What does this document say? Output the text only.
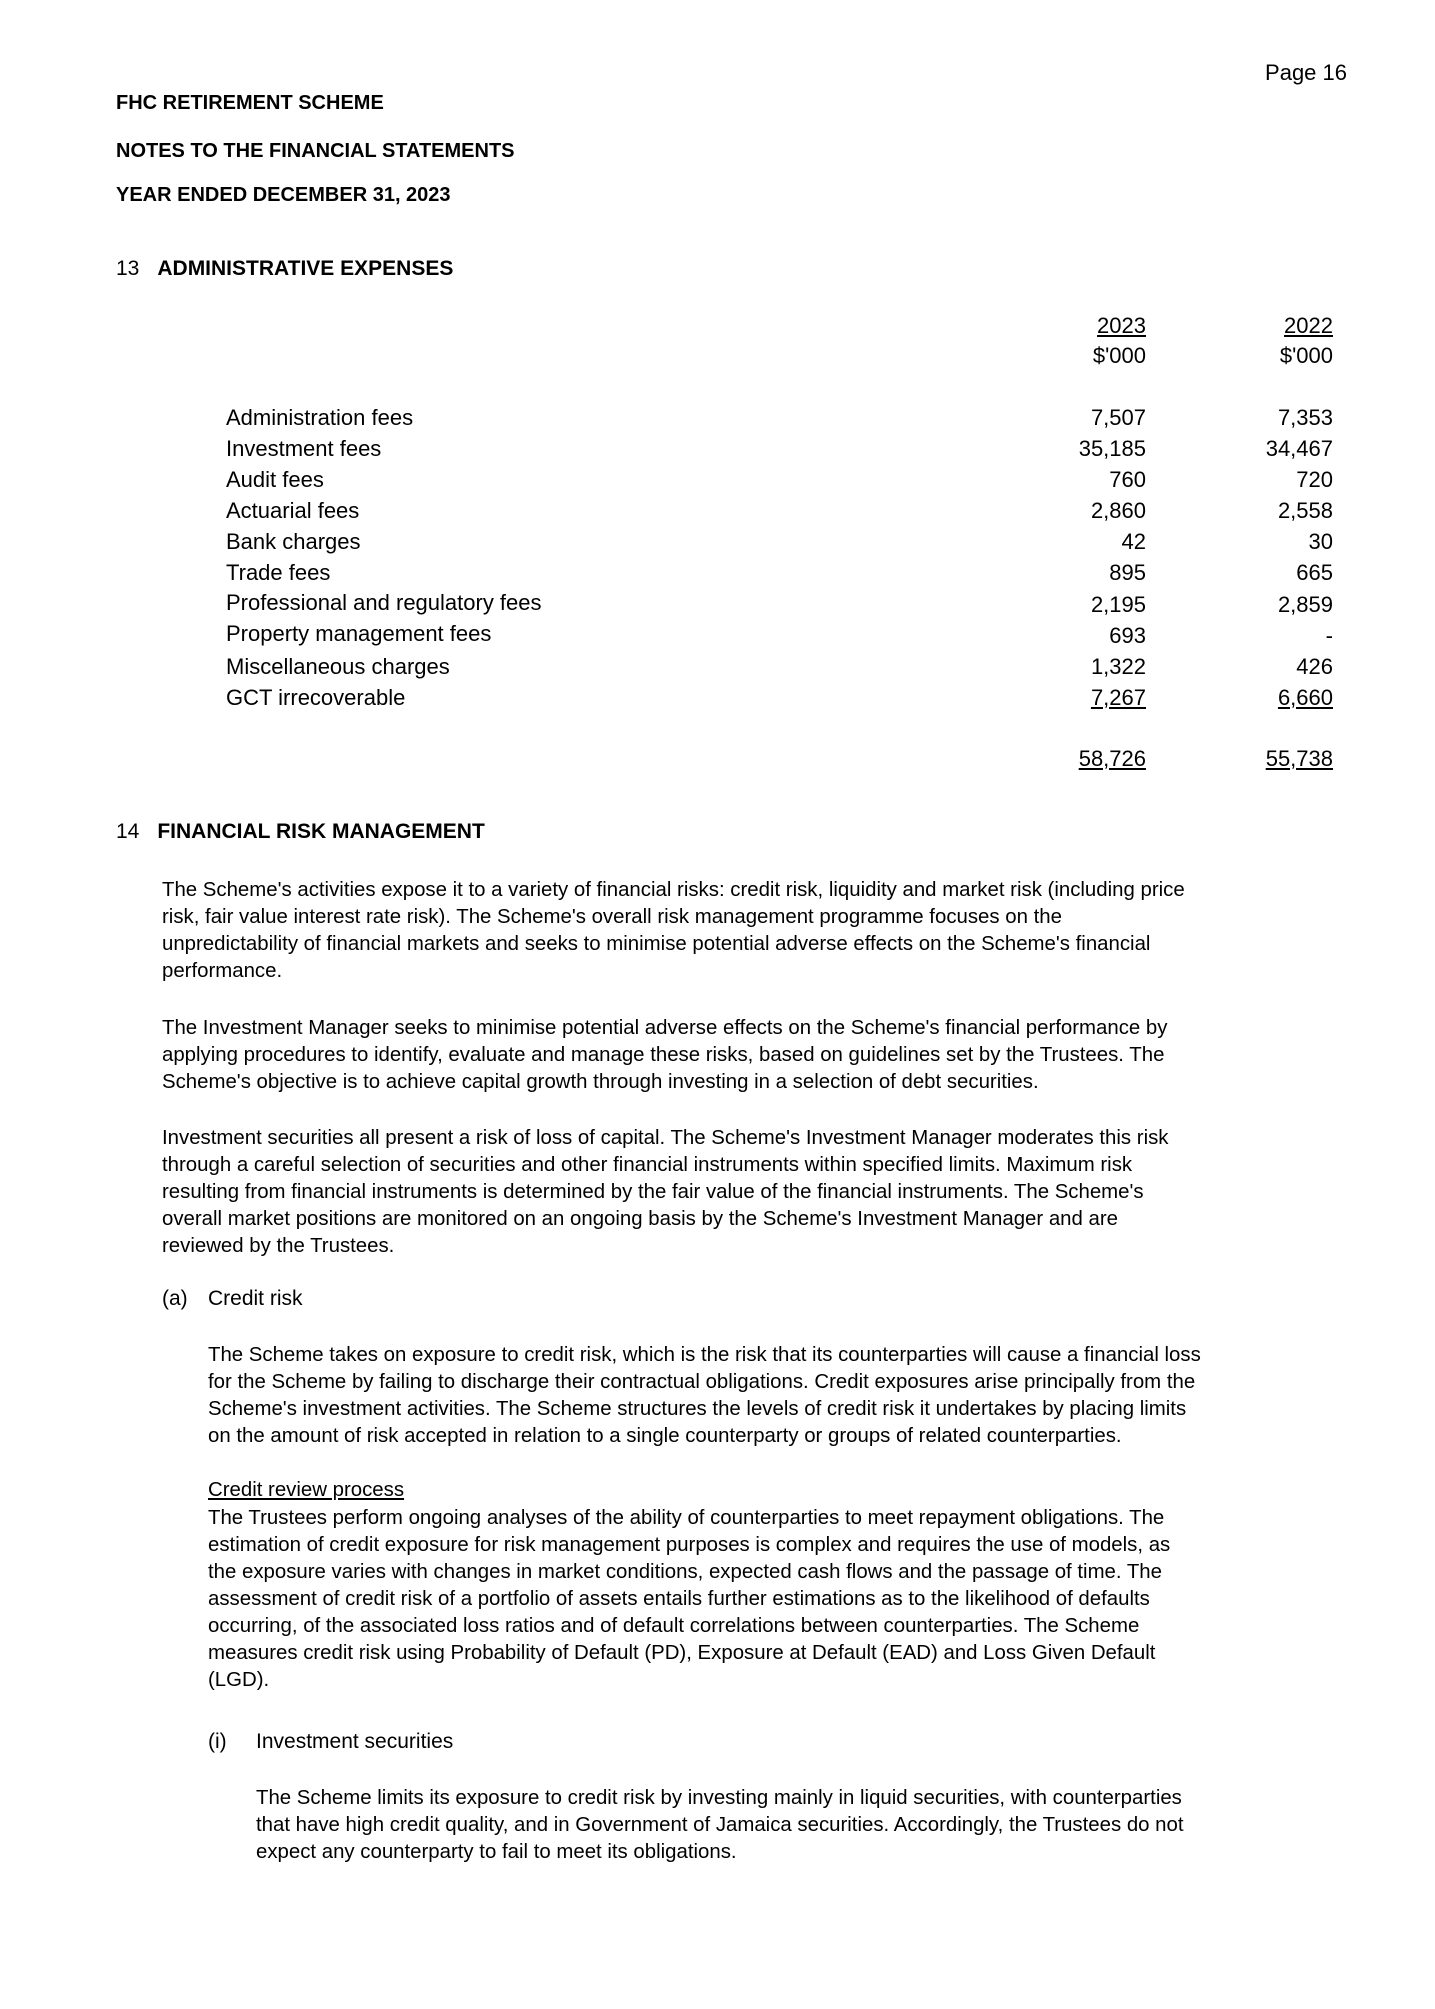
Page 16
FHC RETIREMENT SCHEME
NOTES TO THE FINANCIAL STATEMENTS
YEAR ENDED DECEMBER 31, 2023
13 ADMINISTRATIVE EXPENSES
2023
$'000
2022
$'000
Administration fees	7,507	7,353
Investment fees	35,185	34,467
Audit fees	760	720
Actuarial fees	2,860	2,558
Bank charges	42	30
Trade fees	895	665
Professional and regulatory fees	2,195	2,859
Property management fees	693	-
Miscellaneous charges	1,322	426
GCT irrecoverable	7,267	6,660
58,726	55,738
14 FINANCIAL RISK MANAGEMENT
The Scheme's activities expose it to a variety of financial risks: credit risk, liquidity and market risk (including price
risk, fair value interest rate risk). The Scheme's overall risk management programme focuses on the
unpredictability of financial markets and seeks to minimise potential adverse effects on the Scheme's financial
performance.
The Investment Manager seeks to minimise potential adverse effects on the Scheme's financial performance by
applying procedures to identify, evaluate and manage these risks, based on guidelines set by the Trustees. The
Scheme's objective is to achieve capital growth through investing in a selection of debt securities.
Investment securities all present a risk of loss of capital. The Scheme's Investment Manager moderates this risk
through a careful selection of securities and other financial instruments within specified limits. Maximum risk
resulting from financial instruments is determined by the fair value of the financial instruments. The Scheme's
overall market positions are monitored on an ongoing basis by the Scheme's Investment Manager and are
reviewed by the Trustees.
(a) Credit risk
The Scheme takes on exposure to credit risk, which is the risk that its counterparties will cause a financial loss
for the Scheme by failing to discharge their contractual obligations. Credit exposures arise principally from the
Scheme's investment activities. The Scheme structures the levels of credit risk it undertakes by placing limits
on the amount of risk accepted in relation to a single counterparty or groups of related counterparties.
Credit review process
The Trustees perform ongoing analyses of the ability of counterparties to meet repayment obligations. The
estimation of credit exposure for risk management purposes is complex and requires the use of models, as
the exposure varies with changes in market conditions, expected cash flows and the passage of time. The
assessment of credit risk of a portfolio of assets entails further estimations as to the likelihood of defaults
occurring, of the associated loss ratios and of default correlations between counterparties. The Scheme
measures credit risk using Probability of Default (PD), Exposure at Default (EAD) and Loss Given Default
(LGD).
(i) Investment securities
The Scheme limits its exposure to credit risk by investing mainly in liquid securities, with counterparties
that have high credit quality, and in Government of Jamaica securities. Accordingly, the Trustees do not
expect any counterparty to fail to meet its obligations.
